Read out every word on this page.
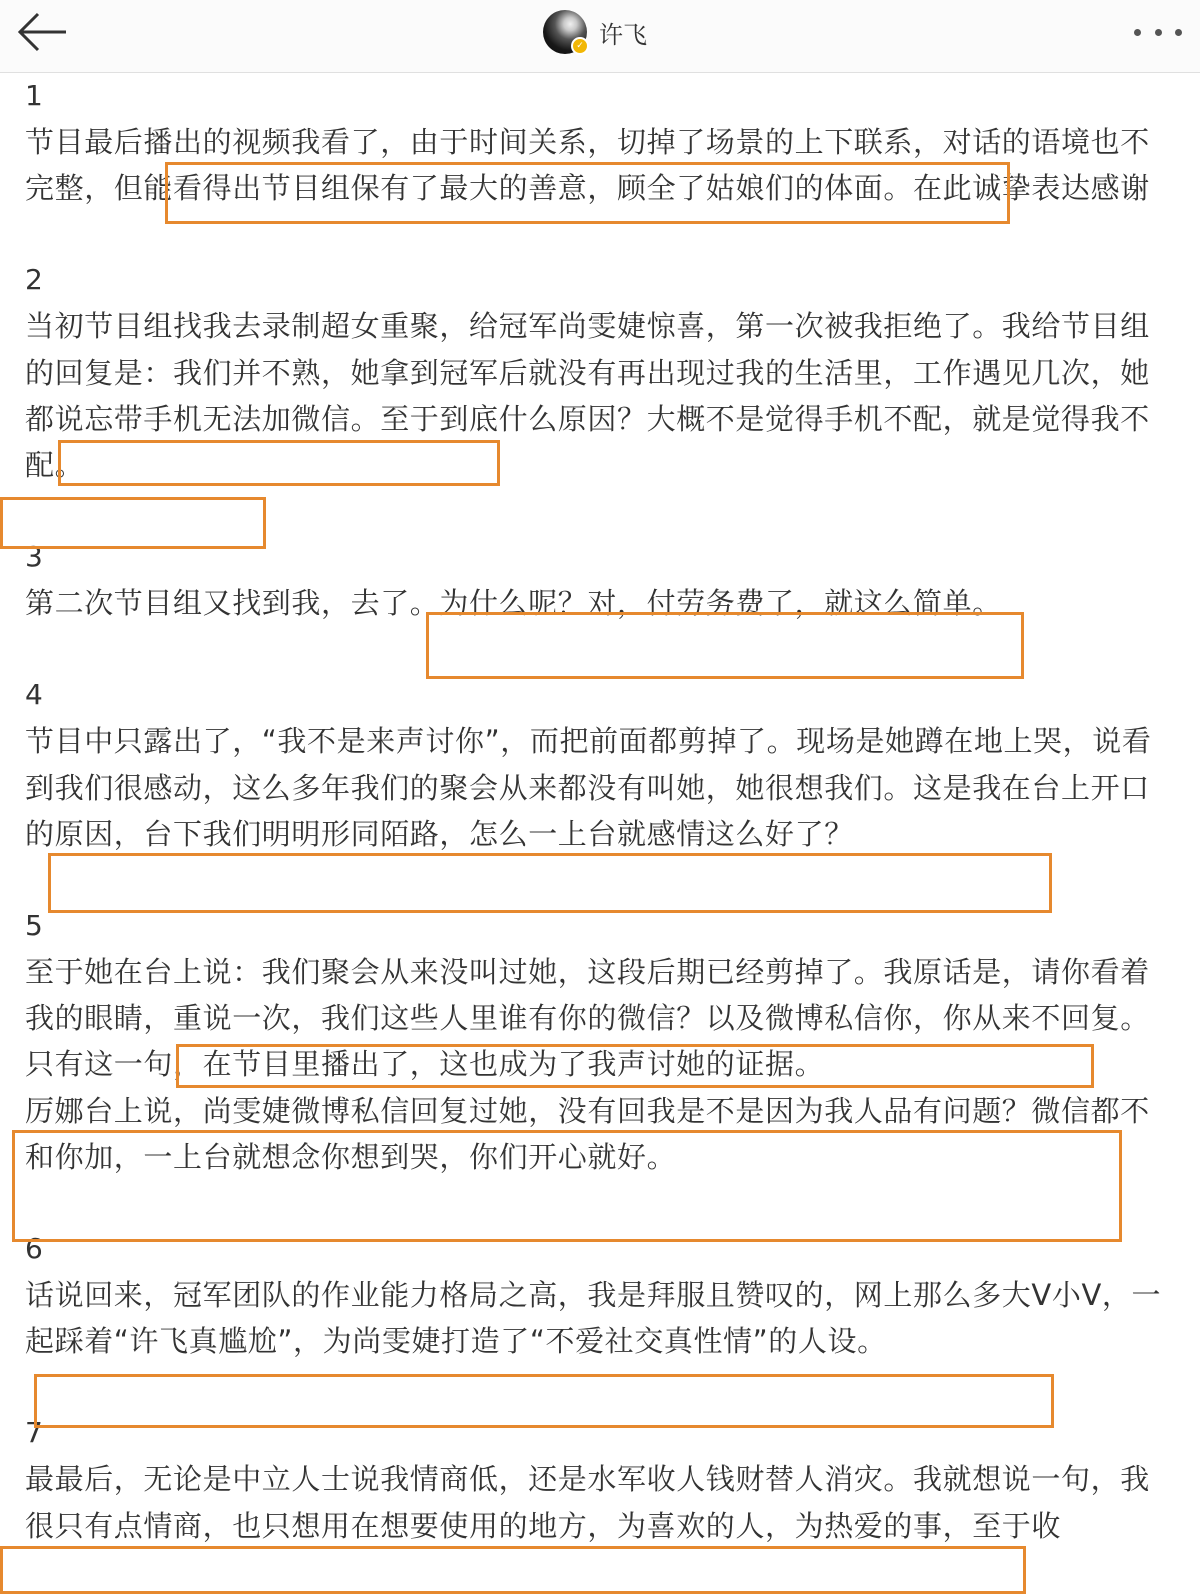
✓ 许飞
1

节目最后播出的视频我看了，由于时间关系，切掉了场景的上下联系，对话的语境也不完整，但能看得出节目组保有了最大的善意，顾全了姑娘们的体面。在此诚挚表达感谢

2

当初节目组找我去录制超女重聚，给冠军尚雯婕惊喜，第一次被我拒绝了。我给节目组的回复是：我们并不熟，她拿到冠军后就没有再出现过我的生活里，工作遇见几次，她都说忘带手机无法加微信。至于到底什么原因？大概不是觉得手机不配，就是觉得我不配。

3

第二次节目组又找到我，去了。为什么呢？对，付劳务费了，就这么简单。

4

节目中只露出了，“我不是来声讨你”，而把前面都剪掉了。现场是她蹲在地上哭，说看到我们很感动，这么多年我们的聚会从来都没有叫她，她很想我们。这是我在台上开口的原因，台下我们明明形同陌路，怎么一上台就感情这么好了？

5

至于她在台上说：我们聚会从来没叫过她，这段后期已经剪掉了。我原话是，请你看着我的眼睛，重说一次，我们这些人里谁有你的微信？以及微博私信你，你从来不回复。只有这一句，在节目里播出了，这也成为了我声讨她的证据。

厉娜台上说，尚雯婕微博私信回复过她，没有回我是不是因为我人品有问题？微信都不和你加，一上台就想念你想到哭，你们开心就好。

6

话说回来，冠军团队的作业能力格局之高，我是拜服且赞叹的，网上那么多大V小V，一起踩着“许飞真尴尬”，为尚雯婕打造了“不爱社交真性情”的人设。

7

最最后，无论是中立人士说我情商低，还是水军收人钱财替人消灾。我就想说一句，我很只有点情商，也只想用在想要使用的地方，为喜欢的人，为热爱的事，至于收
